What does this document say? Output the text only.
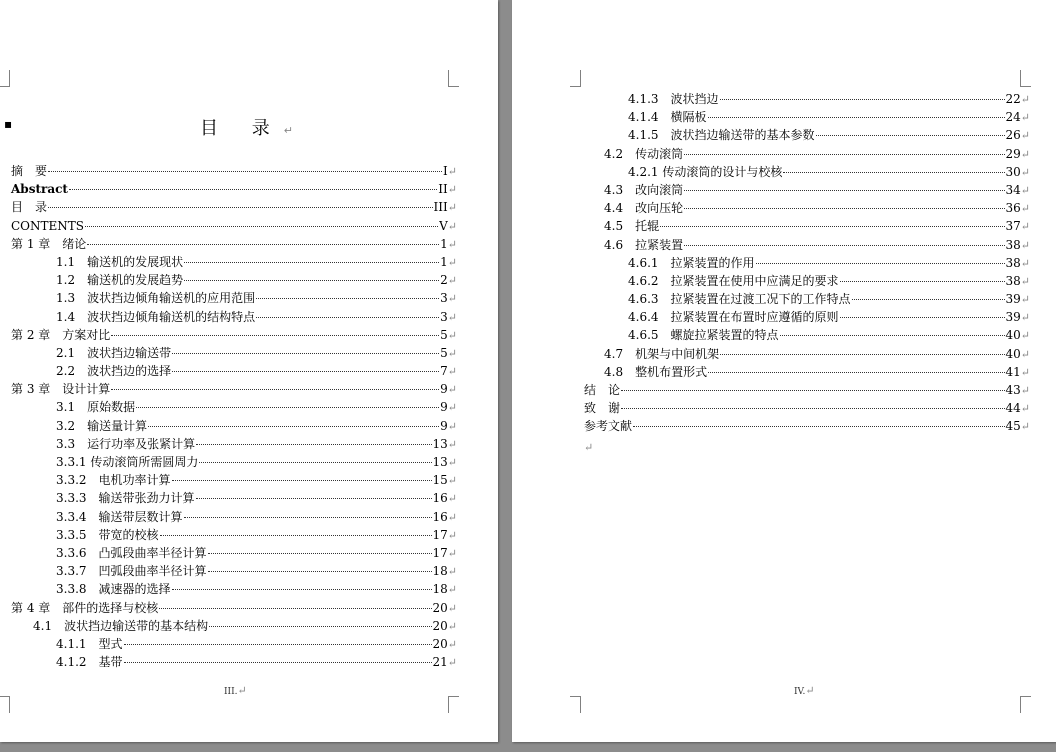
▪	目 录↵
摘　要	I↵
Abstract	II↵
目　录	III↵
CONTENTS	V↵
第 1 章　绪论	1↵
1.1　输送机的发展现状	1↵
1.2　输送机的发展趋势	2↵
1.3　波状挡边倾角输送机的应用范围	3↵
1.4　波状挡边倾角输送机的结构特点	3↵
第 2 章　方案对比	5↵
2.1　波状挡边输送带	5↵
2.2　波状挡边的选择	7↵
第 3 章　设计计算	9↵
3.1　原始数据	9↵
3.2　输送量计算	9↵
3.3　运行功率及张紧计算	13↵
3.3.1 传动滚筒所需圆周力	13↵
3.3.2　电机功率计算	15↵
3.3.3　输送带张劲力计算	16↵
3.3.4　输送带层数计算	16↵
3.3.5　带宽的校核	17↵
3.3.6　凸弧段曲率半径计算	17↵
3.3.7　凹弧段曲率半径计算	18↵
3.3.8　减速器的选择	18↵
第 4 章　部件的选择与校核	20↵
4.1　波状挡边输送带的基本结构	20↵
4.1.1　型式	20↵
4.1.2　基带	21↵
III.↵
4.1.3　波状挡边	22↵
4.1.4　横隔板	24↵
4.1.5　波状挡边输送带的基本参数	26↵
4.2　传动滚筒	29↵
4.2.1 传动滚筒的设计与校核	30↵
4.3　改向滚筒	34↵
4.4　改向压轮	36↵
4.5　托辊	37↵
4.6　拉紧装置	38↵
4.6.1　拉紧装置的作用	38↵
4.6.2　拉紧装置在使用中应满足的要求	38↵
4.6.3　拉紧装置在过渡工况下的工作特点	39↵
4.6.4　拉紧装置在布置时应遵循的原则	39↵
4.6.5　螺旋拉紧装置的特点	40↵
4.7　机架与中间机架	40↵
4.8　整机布置形式	41↵
结　论	43↵
致　谢	44↵
参考文献	45↵
↵
IV.↵
